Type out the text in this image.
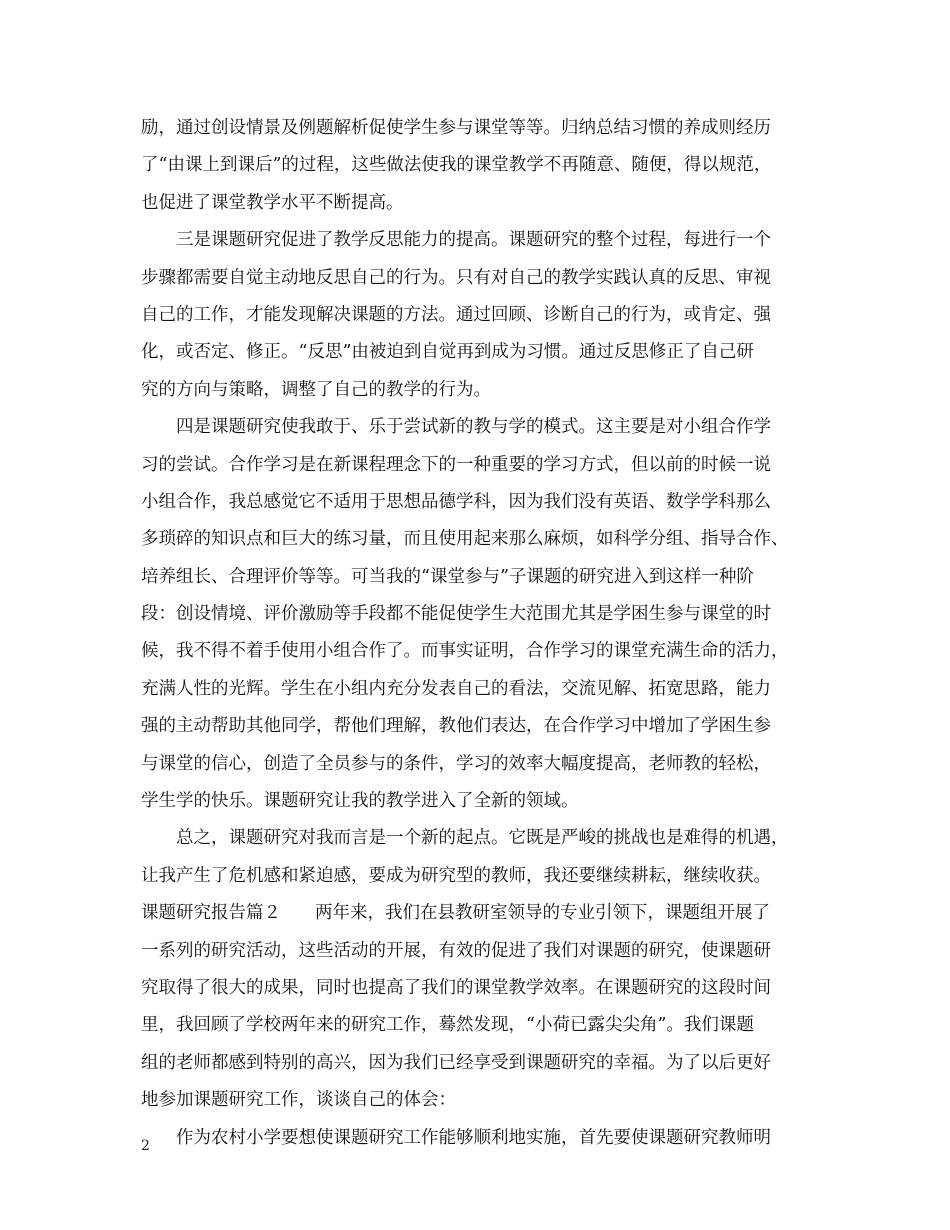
励，通过创设情景及例题解析促使学生参与课堂等等。归纳总结习惯的养成则经历
了“由课上到课后”的过程，这些做法使我的课堂教学不再随意、随便，得以规范，
也促进了课堂教学水平不断提高。
三是课题研究促进了教学反思能力的提高。课题研究的整个过程，每进行一个
步骤都需要自觉主动地反思自己的行为。只有对自己的教学实践认真的反思、审视
自己的工作，才能发现解决课题的方法。通过回顾、诊断自己的行为，或肯定、强
化，或否定、修正。“反思”由被迫到自觉再到成为习惯。通过反思修正了自己研
究的方向与策略，调整了自己的教学的行为。
四是课题研究使我敢于、乐于尝试新的教与学的模式。这主要是对小组合作学
习的尝试。合作学习是在新课程理念下的一种重要的学习方式，但以前的时候一说
小组合作，我总感觉它不适用于思想品德学科，因为我们没有英语、数学学科那么
多琐碎的知识点和巨大的练习量，而且使用起来那么麻烦，如科学分组、指导合作、
培养组长、合理评价等等。可当我的“课堂参与”子课题的研究进入到这样一种阶
段：创设情境、评价激励等手段都不能促使学生大范围尤其是学困生参与课堂的时
候，我不得不着手使用小组合作了。而事实证明，合作学习的课堂充满生命的活力，
充满人性的光辉。学生在小组内充分发表自己的看法，交流见解、拓宽思路，能力
强的主动帮助其他同学，帮他们理解，教他们表达，在合作学习中增加了学困生参
与课堂的信心，创造了全员参与的条件，学习的效率大幅度提高，老师教的轻松，
学生学的快乐。课题研究让我的教学进入了全新的领域。
总之，课题研究对我而言是一个新的起点。它既是严峻的挑战也是难得的机遇，
让我产生了危机感和紧迫感，要成为研究型的教师，我还要继续耕耘，继续收获。
课题研究报告篇２ 两年来，我们在县教研室领导的专业引领下，课题组开展了
一系列的研究活动，这些活动的开展，有效的促进了我们对课题的研究，使课题研
究取得了很大的成果，同时也提高了我们的课堂教学效率。在课题研究的这段时间
里，我回顾了学校两年来的研究工作，蓦然发现，“小荷已露尖尖角”。我们课题
组的老师都感到特别的高兴，因为我们已经享受到课题研究的幸福。为了以后更好
地参加课题研究工作，谈谈自己的体会：
作为农村小学要想使课题研究工作能够顺利地实施，首先要使课题研究教师明
2
